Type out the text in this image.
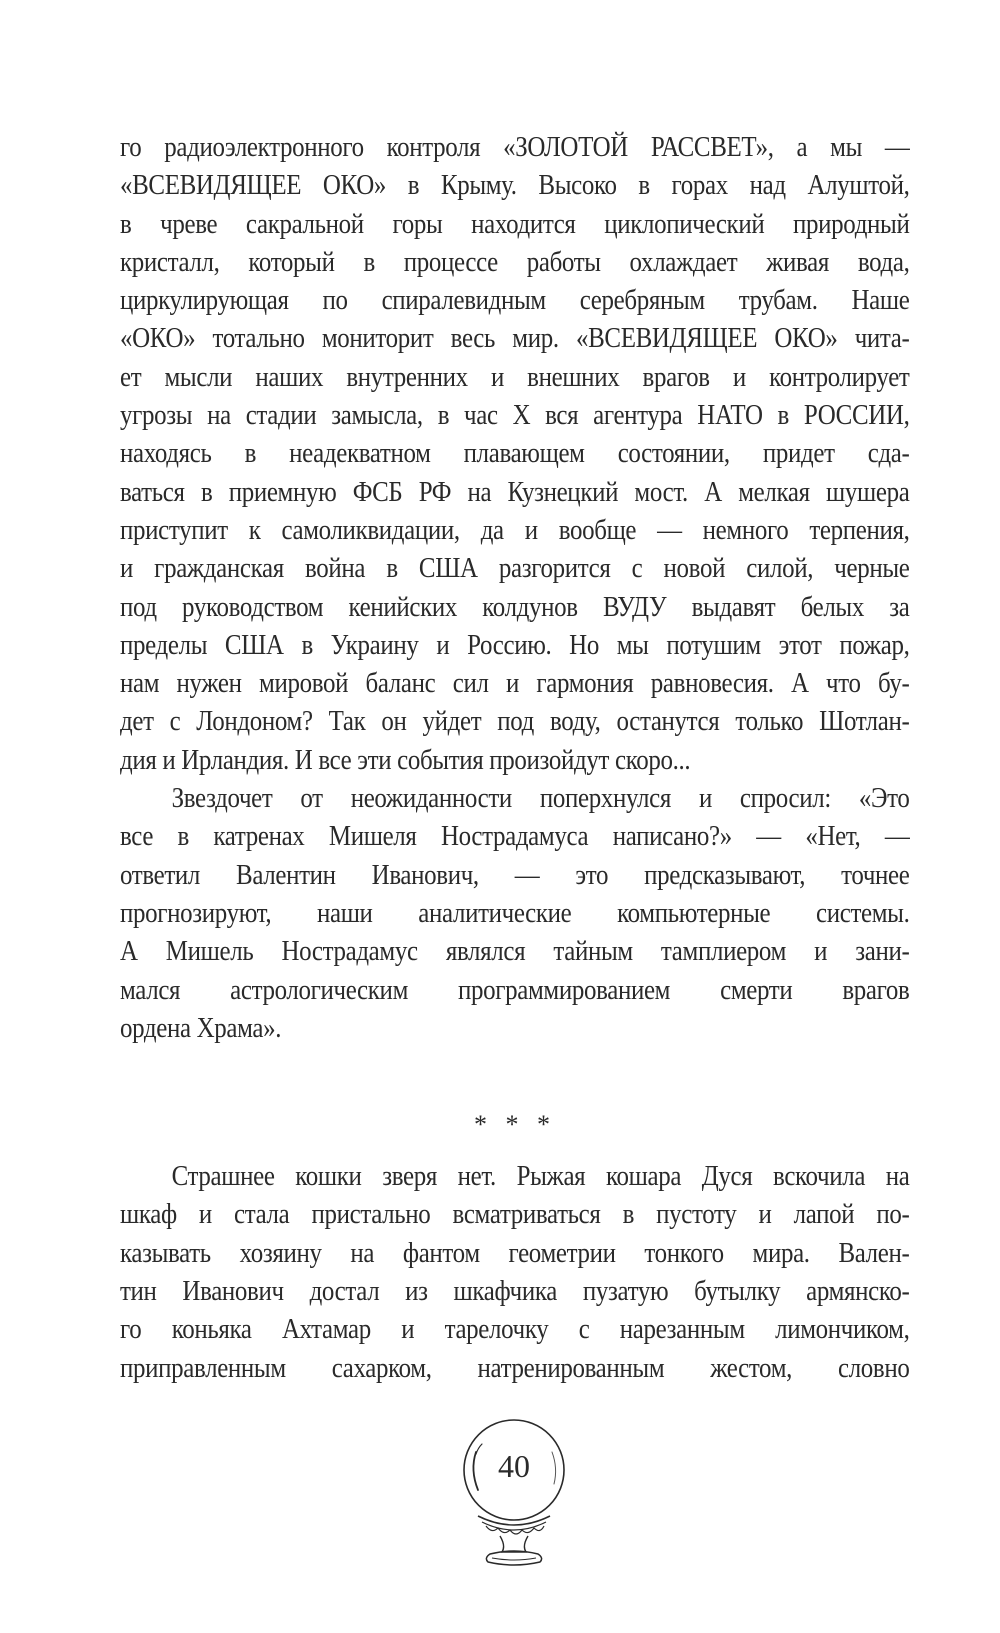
го радиоэлектронного контроля «ЗОЛОТОЙ РАССВЕТ», а мы —
«ВСЕВИДЯЩЕЕ ОКО» в Крыму. Высоко в горах над Алуштой,
в чреве сакральной горы находится циклопический природный
кристалл, который в процессе работы охлаждает живая вода,
циркулирующая по спиралевидным серебряным трубам. Наше
«ОКО» тотально мониторит весь мир. «ВСЕВИДЯЩЕЕ ОКО» чита-
ет мысли наших внутренних и внешних врагов и контролирует
угрозы на стадии замысла, в час Х вся агентура НАТО в РОССИИ,
находясь в неадекватном плавающем состоянии, придет сда-
ваться в приемную ФСБ РФ на Кузнецкий мост. А мелкая шушера
приступит к самоликвидации, да и вообще — немного терпения,
и гражданская война в США разгорится с новой силой, черные
под руководством кенийских колдунов ВУДУ выдавят белых за
пределы США в Украину и Россию. Но мы потушим этот пожар,
нам нужен мировой баланс сил и гармония равновесия. А что бу-
дет с Лондоном? Так он уйдет под воду, останутся только Шотлан-
дия и Ирландия. И все эти события произойдут скоро...
Звездочет от неожиданности поперхнулся и спросил: «Это
все в катренах Мишеля Нострадамуса написано?» — «Нет, —
ответил Валентин Иванович, — это предсказывают, точнее
прогнозируют, наши аналитические компьютерные системы.
А Мишель Нострадамус являлся тайным тамплиером и зани-
мался астрологическим программированием смерти врагов
ордена Храма».
* * *
Страшнее кошки зверя нет. Рыжая кошара Дуся вскочила на
шкаф и стала пристально всматриваться в пустоту и лапой по-
казывать хозяину на фантом геометрии тонкого мира. Вален-
тин Иванович достал из шкафчика пузатую бутылку армянско-
го коньяка Ахтамар и тарелочку с нарезанным лимончиком,
приправленным сахарком, натренированным жестом, словно
40
